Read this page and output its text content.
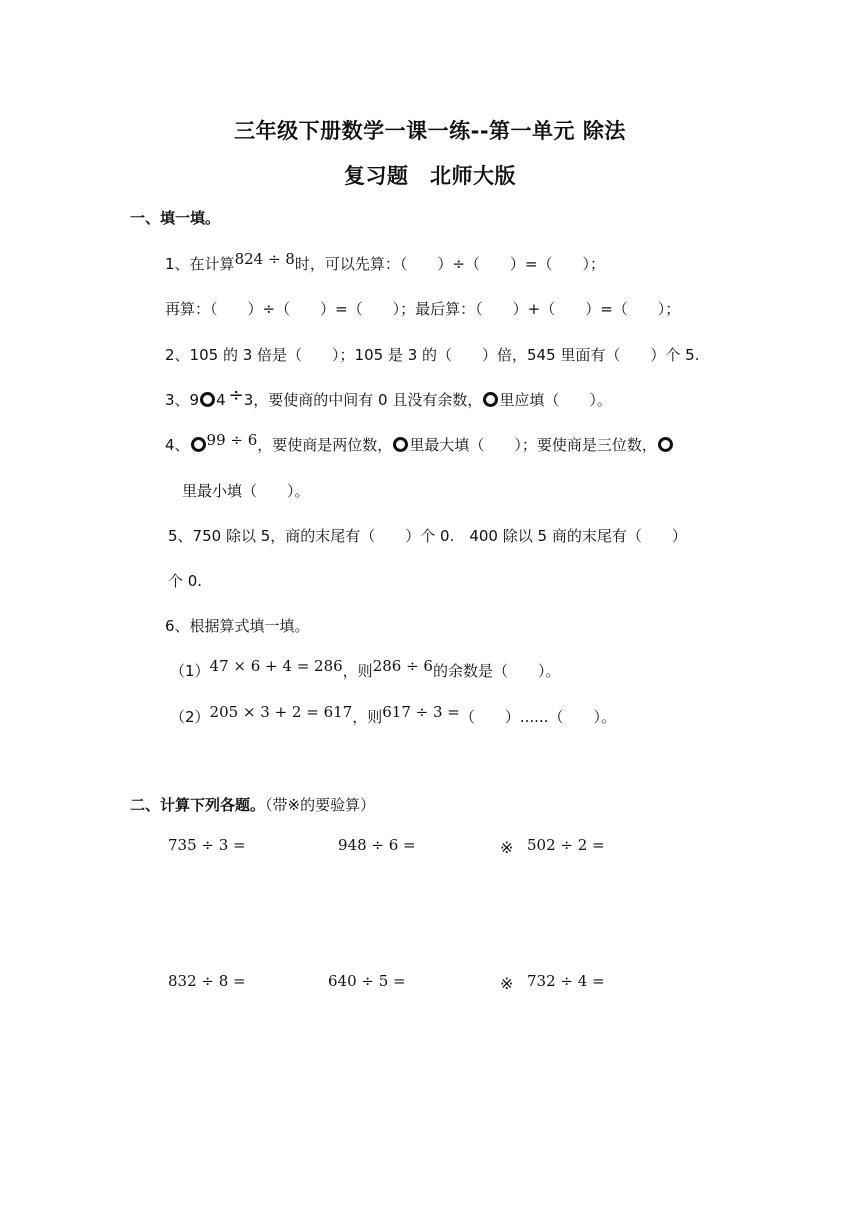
三年级下册数学一课一练--第一单元 除法
复习题　北师大版
一、填一填。
1、在计算824 ÷ 8时，可以先算：（　　）÷（　　）=（　　）；
再算：（　　）÷（　　）=（　　）；最后算：（　　）+（　　）=（　　）；
2、105 的 3 倍是（　　）；105 是 3 的（　　）倍，545 里面有（　　）个 5.
3、9 4 ÷3，要使商的中间有 0 且没有余数， 里应填（　　）。
4、 99 ÷ 6，要使商是两位数， 里最大填（　　）；要使商是三位数，
里最小填（　　）。
5、750 除以 5，商的末尾有（　　）个 0.　400 除以 5 商的末尾有（　　）
个 0.
6、根据算式填一填。
（1）47 × 6 + 4 = 286，则286 ÷ 6的余数是（　　）。
（2）205 × 3 + 2 = 617，则617 ÷ 3 =（　　）......（　　）。
二、计算下列各题。（带※的要验算）
735 ÷ 3 =	948 ÷ 6 =	※ 502 ÷ 2 =
832 ÷ 8 =	640 ÷ 5 =	※ 732 ÷ 4 =
